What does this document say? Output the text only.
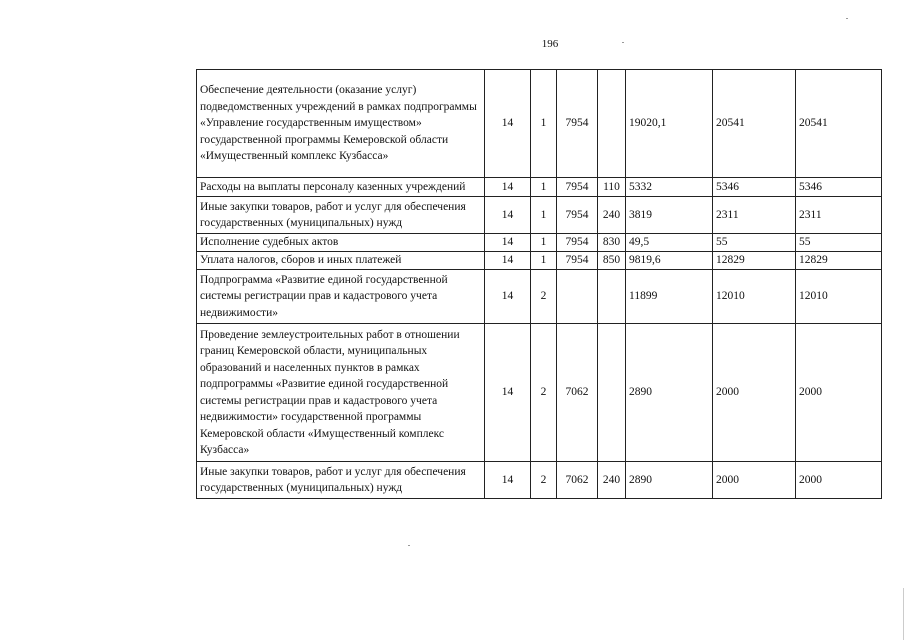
196
Обеспечение деятельности (оказание услуг) подведомственных учреждений в рамках подпрограммы «Управление государственным имуществом» государственной программы Кемеровской области «Имущественный комплекс Кузбасса»	14	1	7954		19020,1	20541	20541
Расходы на выплаты персоналу казенных учреждений	14	1	7954	110	5332	5346	5346
Иные закупки товаров, работ и услуг для обеспечения государственных (муниципальных) нужд	14	1	7954	240	3819	2311	2311
Исполнение судебных актов	14	1	7954	830	49,5	55	55
Уплата налогов, сборов и иных платежей	14	1	7954	850	9819,6	12829	12829
Подпрограмма «Развитие единой государственной системы регистрации прав и кадастрового учета недвижимости»	14	2			11899	12010	12010
Проведение землеустроительных работ в отношении границ Кемеровской области, муниципальных образований и населенных пунктов в рамках подпрограммы «Развитие единой государственной системы регистрации прав и кадастрового учета недвижимости» государственной программы Кемеровской области «Имущественный комплекс Кузбасса»	14	2	7062		2890	2000	2000
Иные закупки товаров, работ и услуг для обеспечения государственных (муниципальных) нужд	14	2	7062	240	2890	2000	2000
